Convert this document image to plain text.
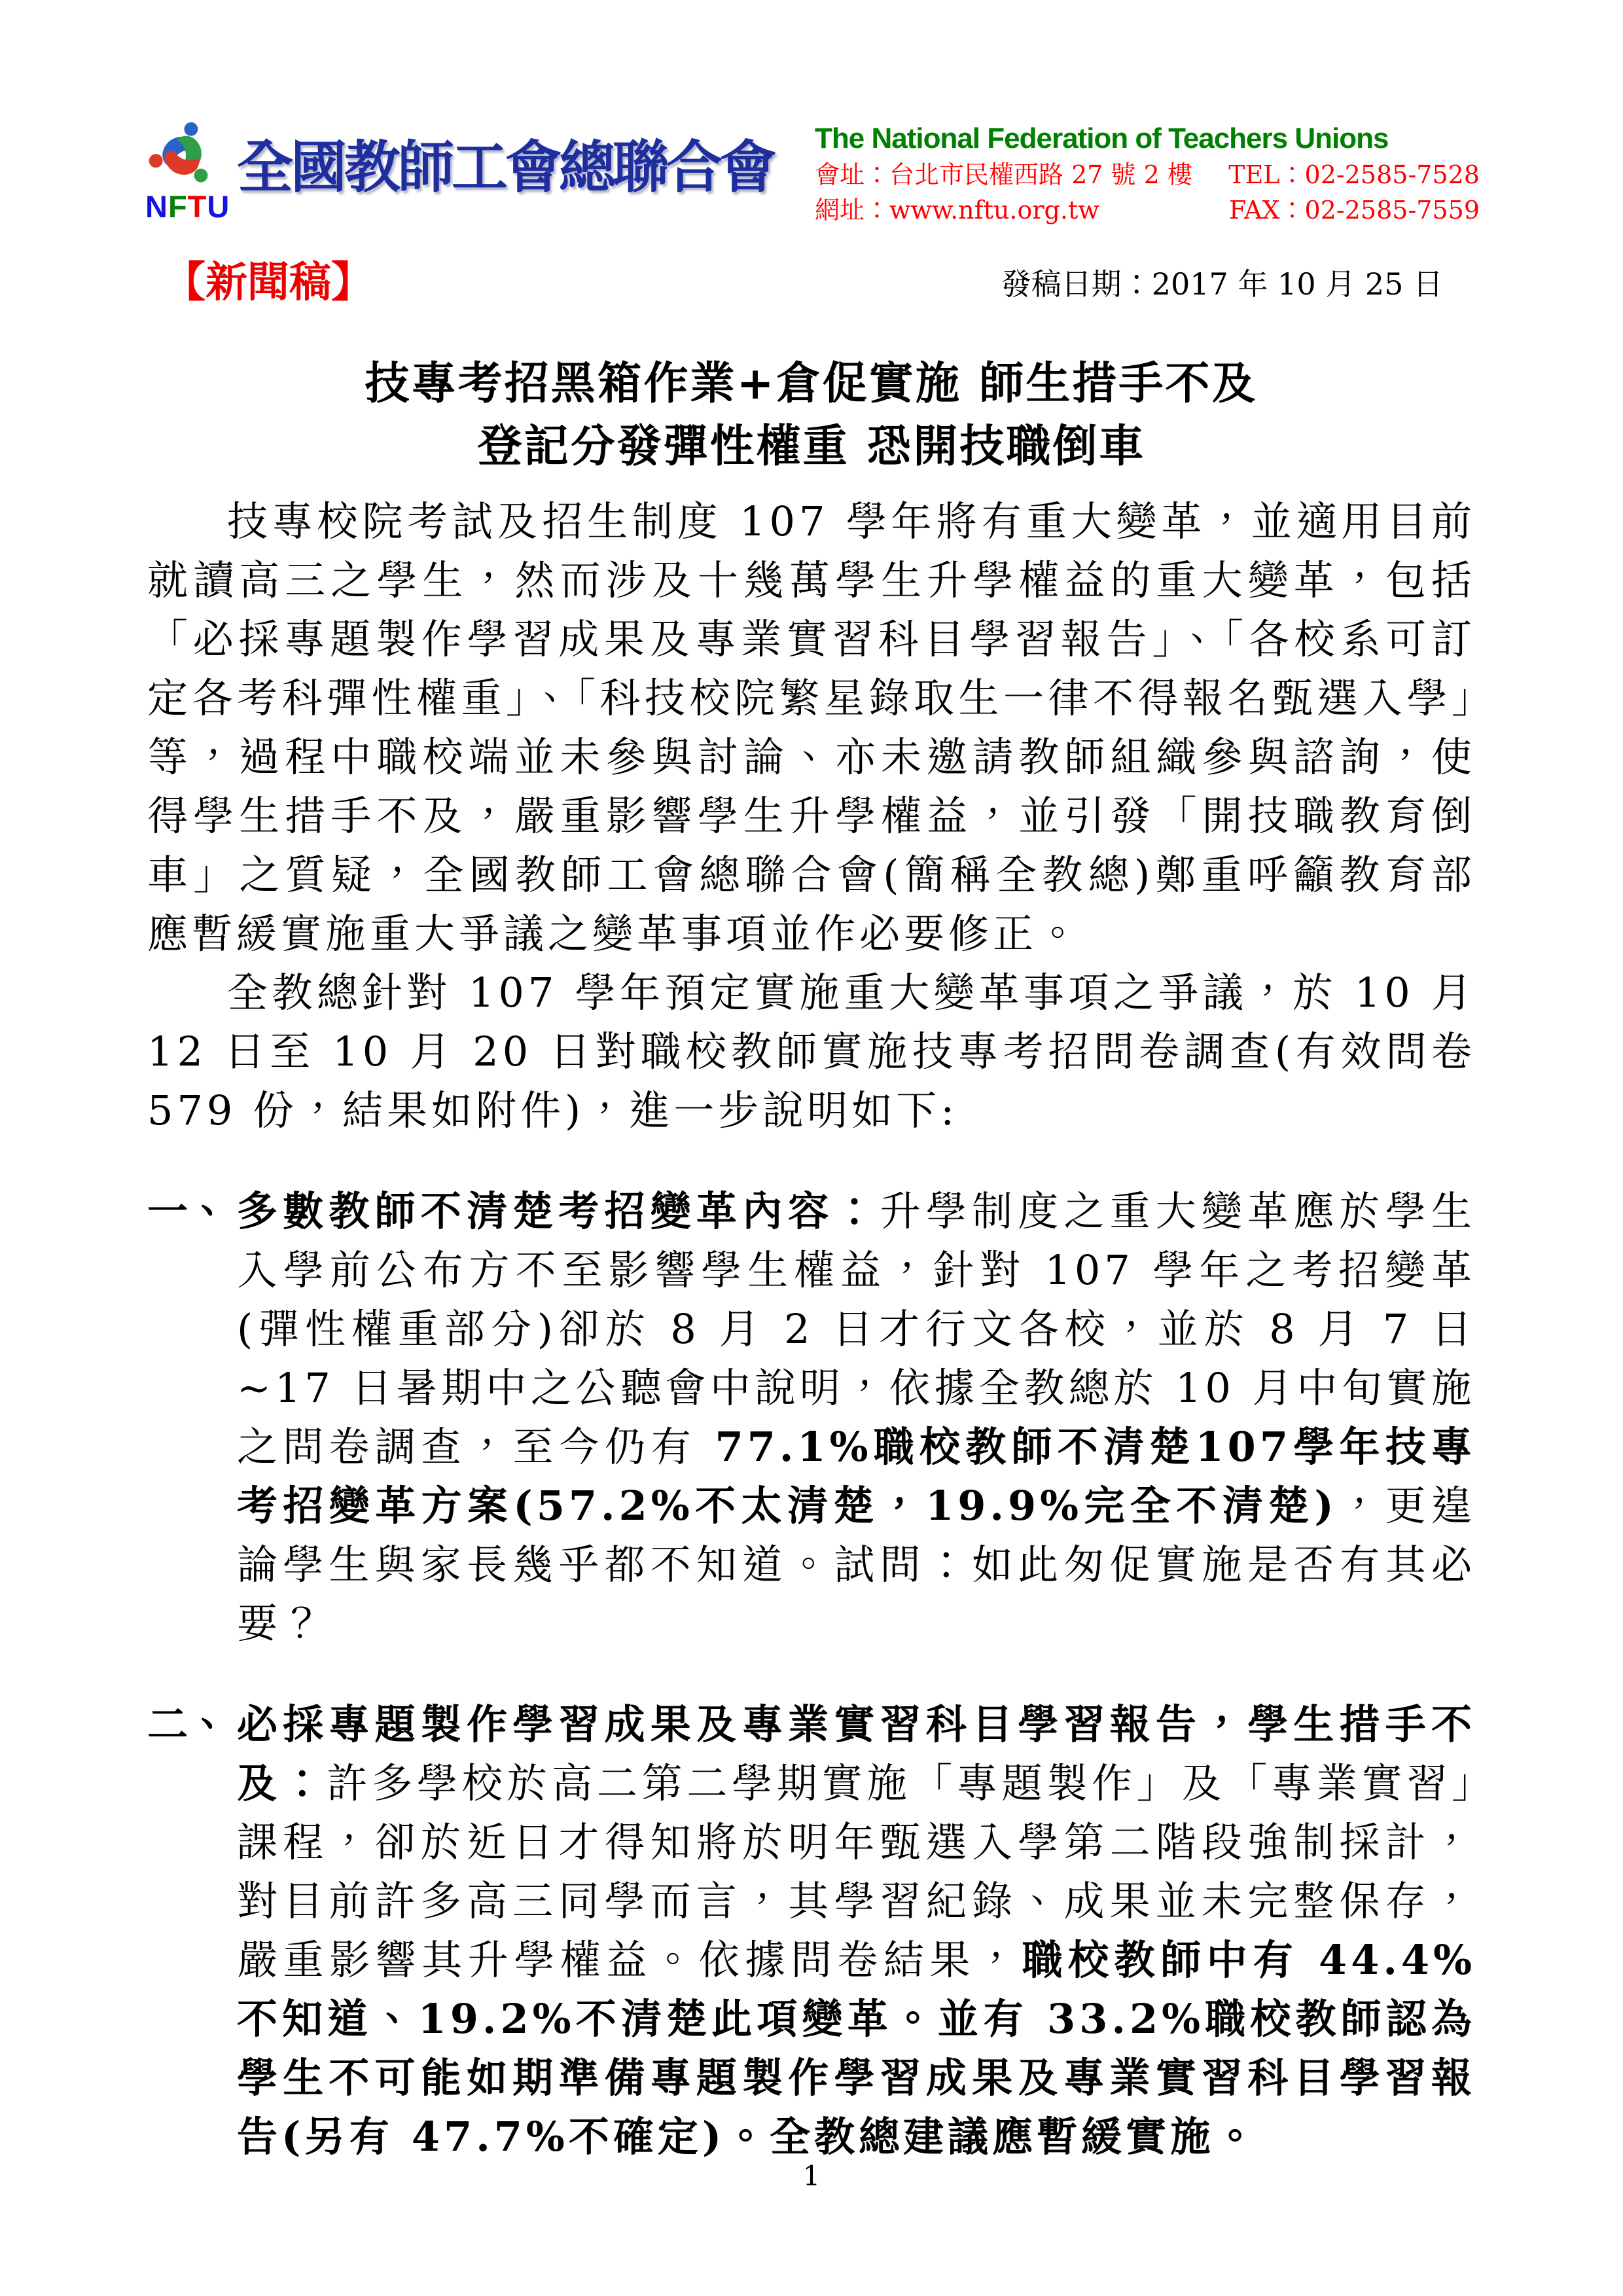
NFTU
全國教師工會總聯合會 The National Federation of Teachers Unions
會址：台北市民權西路 27 號 2 樓 TEL：02-2585-7528
網址：www.nftu.org.tw	FAX：02-2585-7559
【新聞稿】	發稿日期：2017 年 10 月 25 日
技專考招黑箱作業+倉促實施 師生措手不及
登記分發彈性權重 恐開技職倒車

技專校院考試及招生制度 107 學年將有重大變革，並適用目前就讀高三之學生，然而涉及十幾萬學生升學權益的重大變革，包括「必採專題製作學習成果及專業實習科目學習報告」、「各校系可訂定各考科彈性權重」、「科技校院繁星錄取生一律不得報名甄選入學」等，過程中職校端並未參與討論、亦未邀請教師組織參與諮詢，使得學生措手不及，嚴重影響學生升學權益，並引發「開技職教育倒車」之質疑，全國教師工會總聯合會(簡稱全教總)鄭重呼籲教育部應暫緩實施重大爭議之變革事項並作必要修正。

全教總針對 107 學年預定實施重大變革事項之爭議，於 10 月 12 日至 10 月 20 日對職校教師實施技專考招問卷調查(有效問卷 579 份，結果如附件)，進一步說明如下:

一、 多數教師不清楚考招變革內容：升學制度之重大變革應於學生入學前公布方不至影響學生權益，針對 107 學年之考招變革(彈性權重部分)卻於 8 月 2 日才行文各校，並於 8 月 7 日~17 日暑期中之公聽會中說明，依據全教總於 10 月中旬實施之問卷調查，至今仍有 77.1%職校教師不清楚107學年技專考招變革方案(57.2%不太清楚，19.9%完全不清楚)，更遑論學生與家長幾乎都不知道。試問：如此匆促實施是否有其必要？
二、 必採專題製作學習成果及專業實習科目學習報告，學生措手不及：許多學校於高二第二學期實施「專題製作」及「專業實習」課程，卻於近日才得知將於明年甄選入學第二階段強制採計，對目前許多高三同學而言，其學習紀錄、成果並未完整保存，嚴重影響其升學權益。依據問卷結果，職校教師中有 44.4%不知道、19.2%不清楚此項變革。並有 33.2%職校教師認為學生不可能如期準備專題製作學習成果及專業實習科目學習報告(另有 47.7%不確定)。全教總建議應暫緩實施。
1
